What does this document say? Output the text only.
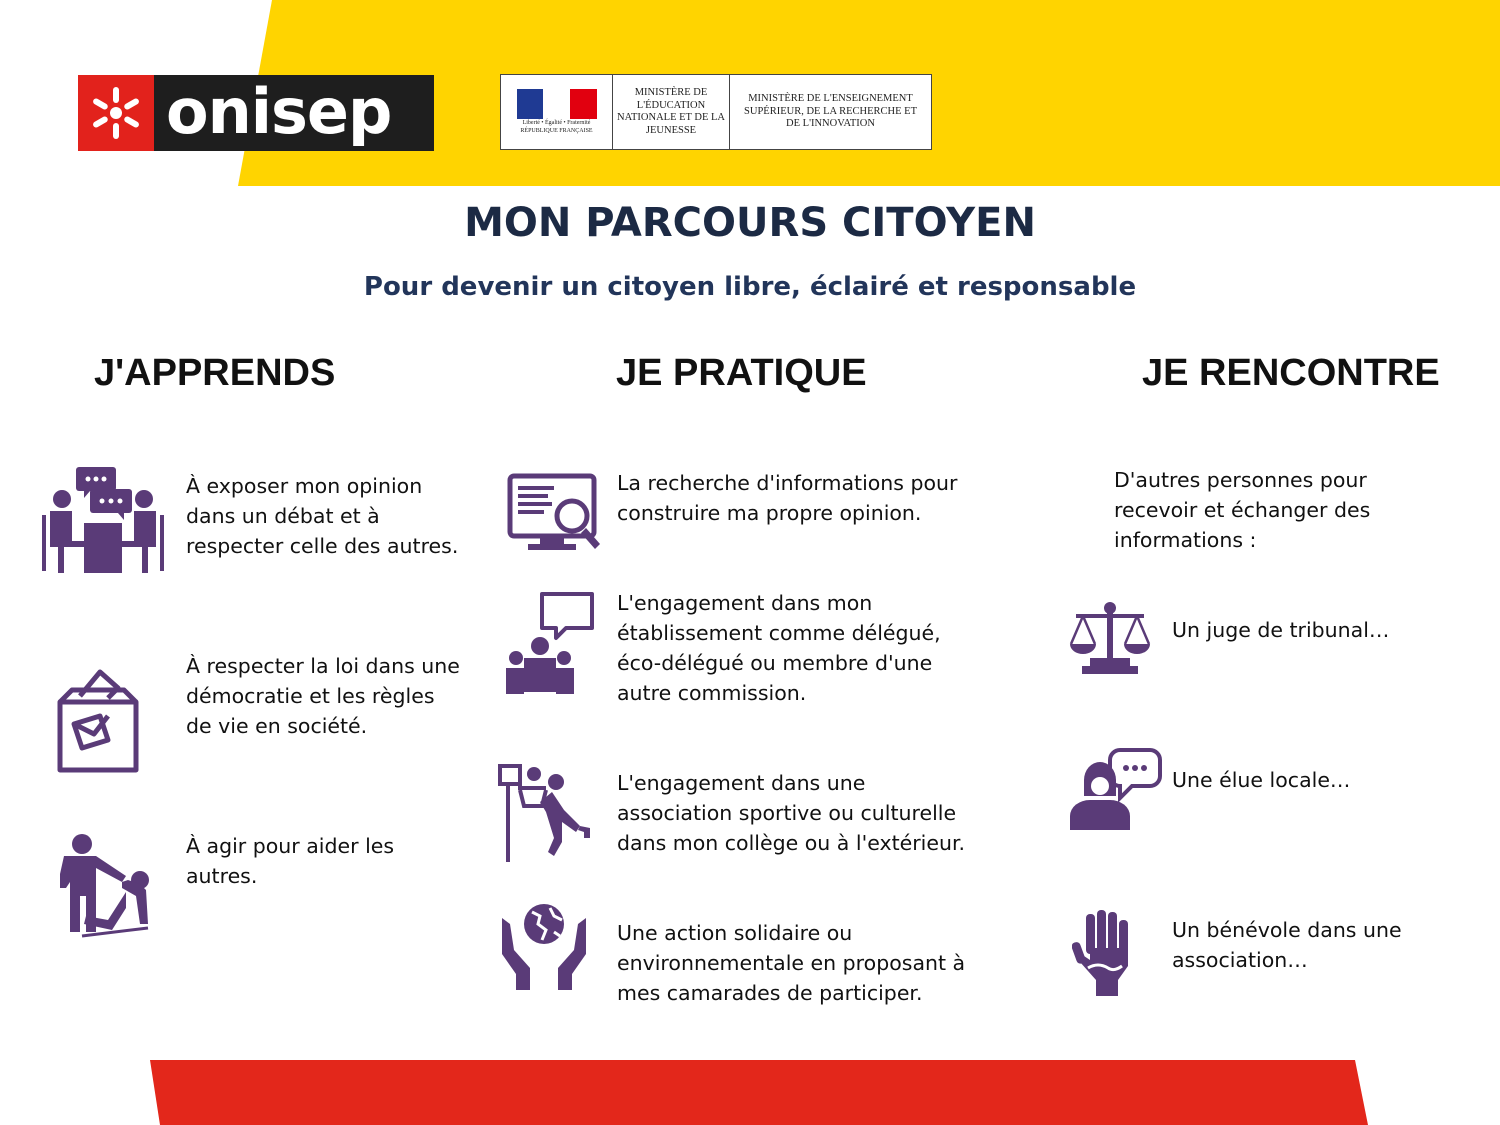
onisep	Liberté • Égalité • Fraternité
RÉPUBLIQUE FRANÇAISE
MINISTÈRE DE L'ÉDUCATION NATIONALE ET DE LA JEUNESSE
MINISTÈRE DE L'ENSEIGNEMENT SUPÉRIEUR, DE LA RECHERCHE ET DE L'INNOVATION
MON PARCOURS CITOYEN
Pour devenir un citoyen libre, éclairé et responsable
J'APPRENDS	JE PRATIQUE	JE RENCONTRE

À exposer mon opinion dans un débat et à respecter celle des autres.

À respecter la loi dans une démocratie et les règles de vie en société.

À agir pour aider les autres.

La recherche d'informations pour construire ma propre opinion.

L'engagement dans mon établissement comme délégué, éco-délégué ou membre d'une autre commission.

L'engagement dans une association sportive ou culturelle dans mon collège ou à l'extérieur.

Une action solidaire ou environnementale en proposant à mes camarades de participer.

D'autres personnes pour recevoir et échanger des informations :

Un juge de tribunal…

Une élue locale…

Un bénévole dans une association…
